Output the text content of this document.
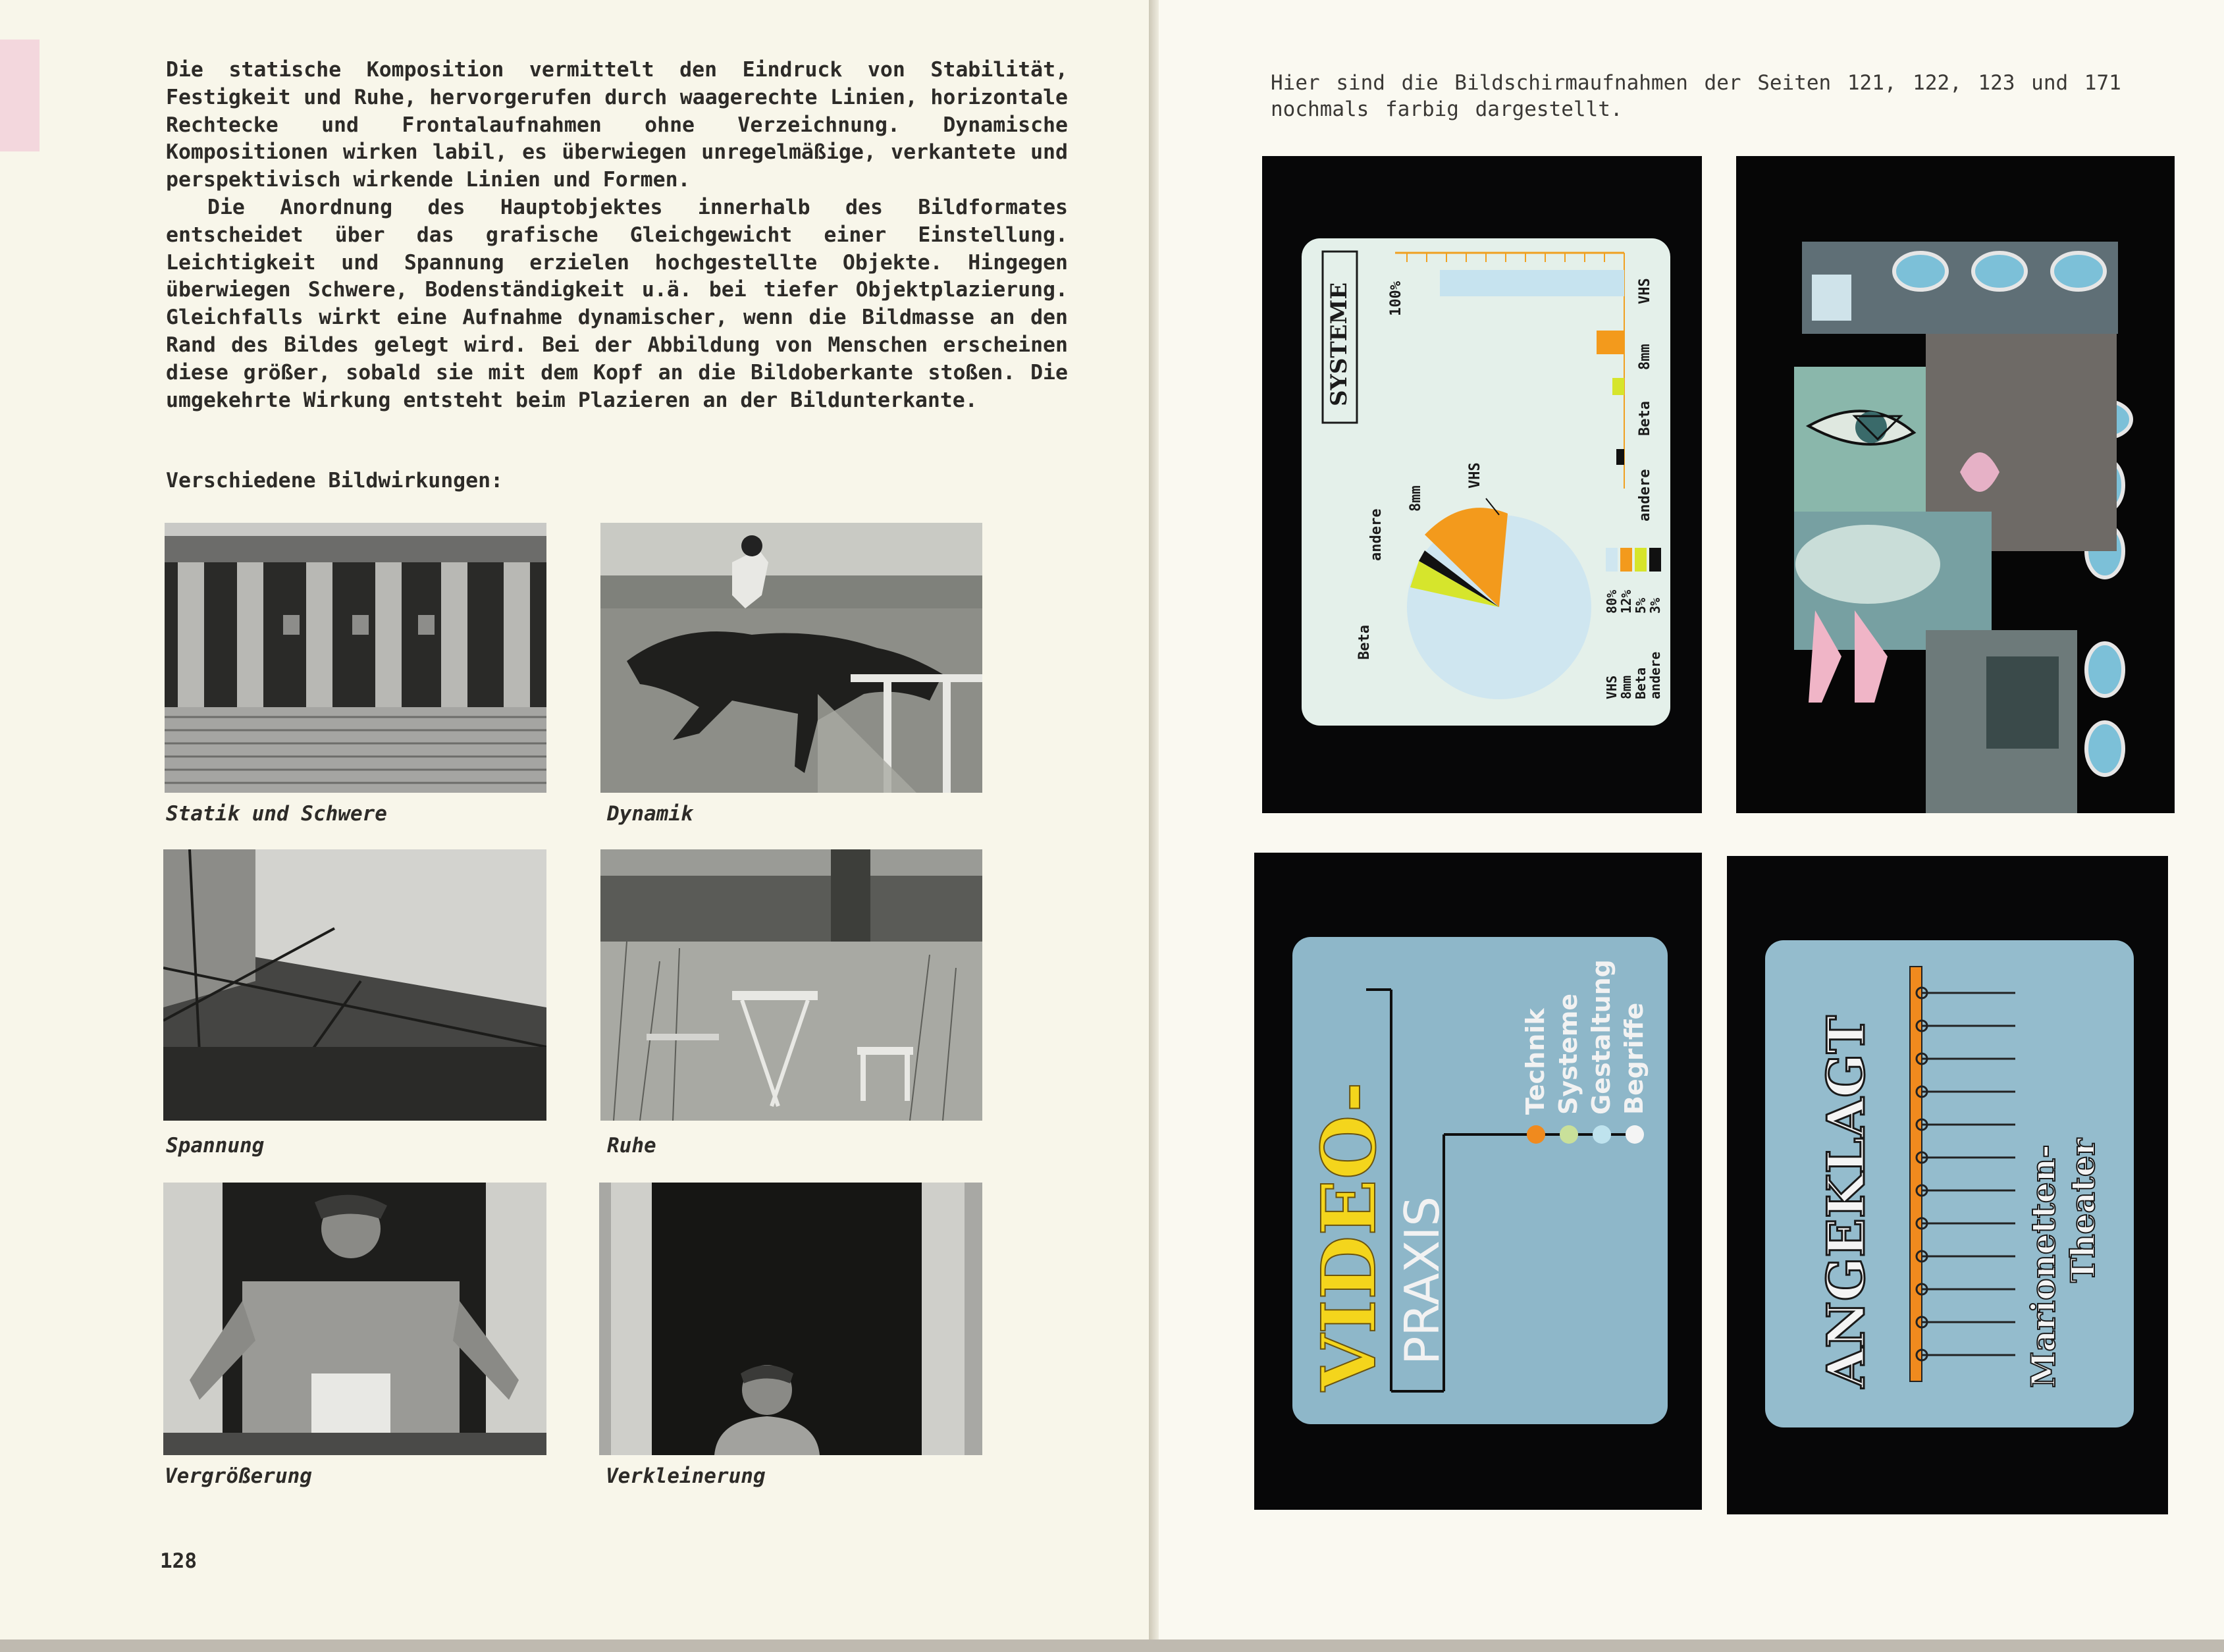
Die statische Komposition vermittelt den Eindruck von Stabilität, Festigkeit und Ruhe, hervorgerufen durch waagerechte Linien, horizontale Rechtecke und Frontalaufnahmen ohne Verzeichnung. Dynamische Kompositionen wirken labil, es überwiegen unregelmäßige, verkantete und perspektivisch wirkende Linien und Formen.

Die Anordnung des Hauptobjektes innerhalb des Bildformates entscheidet über das grafische Gleichgewicht einer Einstellung. Leichtigkeit und Spannung erzielen hochgestellte Objekte. Hingegen überwiegen Schwere, Bodenständigkeit u.ä. bei tiefer Objektplazierung. Gleichfalls wirkt eine Aufnahme dynamischer, wenn die Bildmasse an den Rand des Bildes gelegt wird. Bei der Abbildung von Menschen erscheinen diese größer, sobald sie mit dem Kopf an die Bildoberkante stoßen. Die umgekehrte Wirkung entsteht beim Plazieren an der Bildunterkante.

Verschiedene Bildwirkungen:
Statik und Schwere	Dynamik
Spannung	Ruhe
Vergrößerung	Verkleinerung
128
Hier sind die Bildschirmaufnahmen der Seiten 121, 122, 123 und 171 nochmals farbig dargestellt.
SYSTEME 100%
Beta
andere
8mm
VHS
VHS
8mm
Beta
andere
VHS
8mm
Beta
andere
80%
12%
5%
3%
VIDEO- PRAXIS
Technik Systeme Gestaltung Begriffe	ANGEKLAGT	Marionetten- Theater
